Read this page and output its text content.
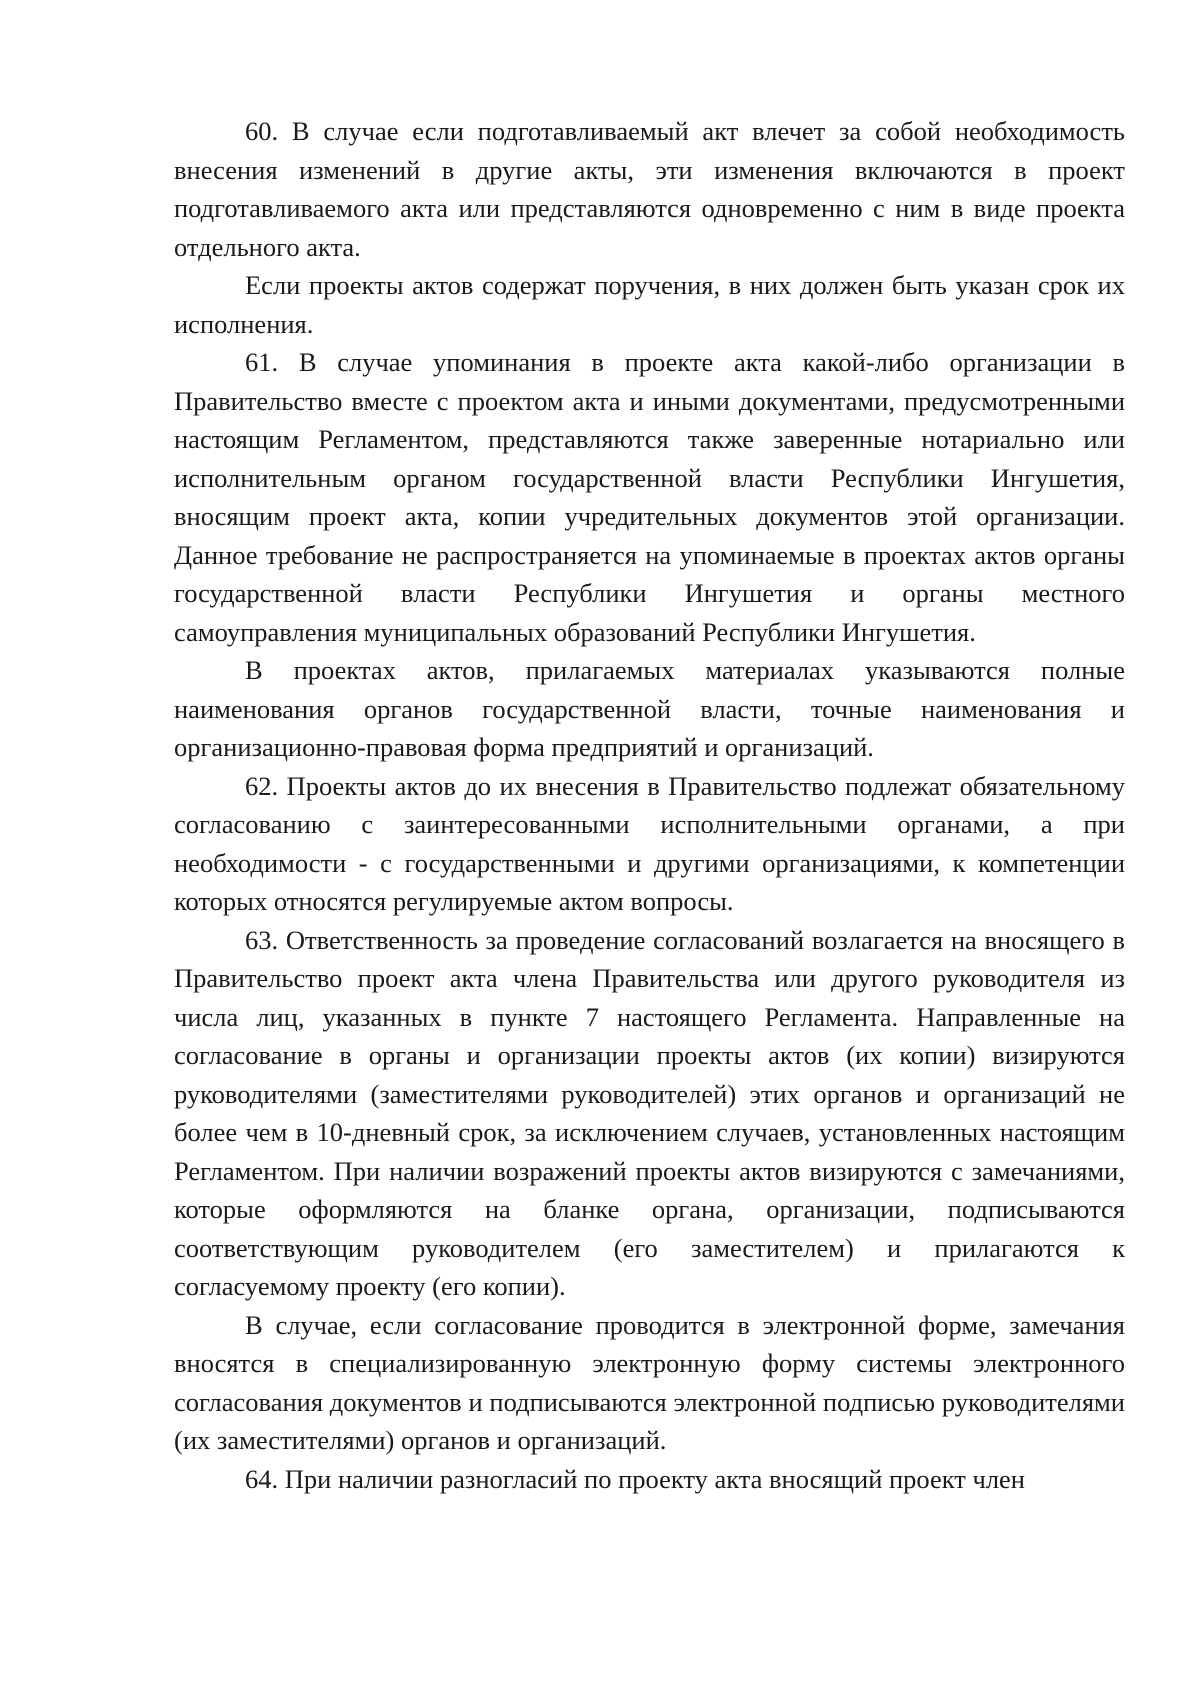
60. В случае если подготавливаемый акт влечет за собой необходимость внесения изменений в другие акты, эти изменения включаются в проект подготавливаемого акта или представляются одновременно с ним в виде проекта отдельного акта.

Если проекты актов содержат поручения, в них должен быть указан срок их исполнения.

61. В случае упоминания в проекте акта какой-либо организации в Правительство вместе с проектом акта и иными документами, предусмотренными настоящим Регламентом, представляются также заверенные нотариально или исполнительным органом государственной власти Республики Ингушетия, вносящим проект акта, копии учредительных документов этой организации. Данное требование не распространяется на упоминаемые в проектах актов органы государственной власти Республики Ингушетия и органы местного самоуправления муниципальных образований Республики Ингушетия.

В проектах актов, прилагаемых материалах указываются полные наименования органов государственной власти, точные наименования и организационно-правовая форма предприятий и организаций.

62. Проекты актов до их внесения в Правительство подлежат обязательному согласованию с заинтересованными исполнительными органами, а при необходимости - с государственными и другими организациями, к компетенции которых относятся регулируемые актом вопросы.

63. Ответственность за проведение согласований возлагается на вносящего в Правительство проект акта члена Правительства или другого руководителя из числа лиц, указанных в пункте 7 настоящего Регламента. Направленные на согласование в органы и организации проекты актов (их копии) визируются руководителями (заместителями руководителей) этих органов и организаций не более чем в 10-дневный срок, за исключением случаев, установленных настоящим Регламентом. При наличии возражений проекты актов визируются с замечаниями, которые оформляются на бланке органа, организации, подписываются соответствующим руководителем (его заместителем) и прилагаются к согласуемому проекту (его копии).

В случае, если согласование проводится в электронной форме, замечания вносятся в специализированную электронную форму системы электронного согласования документов и подписываются электронной подписью руководителями (их заместителями) органов и организаций.

64. При наличии разногласий по проекту акта вносящий проект член
